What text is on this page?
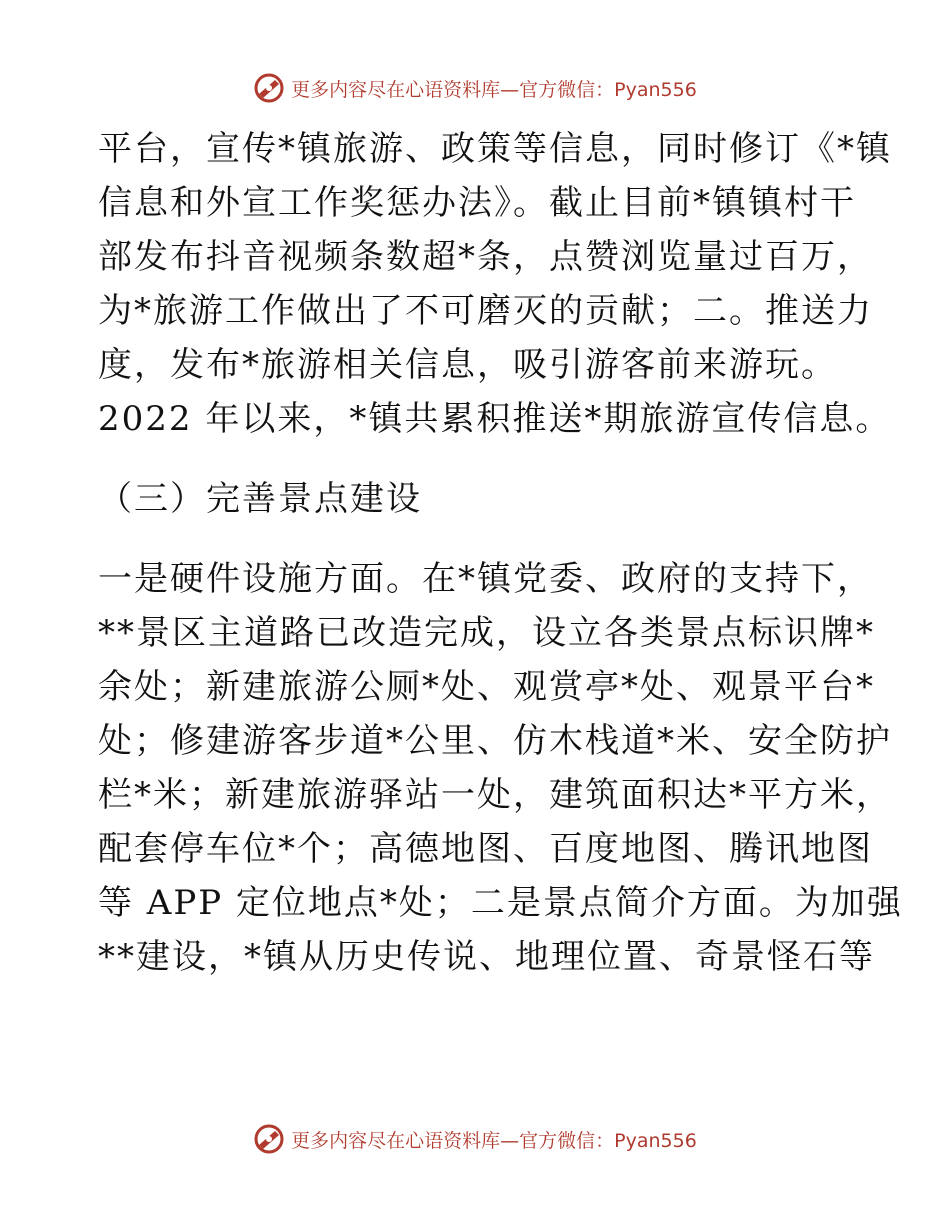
更多内容尽在心语资料库—官方微信：Pyan556
平台，宣传*镇旅游、政策等信息，同时修订《*镇
信息和外宣工作奖惩办法》。截止目前*镇镇村干
部发布抖音视频条数超*条，点赞浏览量过百万，
为*旅游工作做出了不可磨灭的贡献；二。推送力
度，发布*旅游相关信息，吸引游客前来游玩。
2022 年以来，*镇共累积推送*期旅游宣传信息。
（三）完善景点建设
一是硬件设施方面。在*镇党委、政府的支持下，
**景区主道路已改造完成，设立各类景点标识牌*
余处；新建旅游公厕*处、观赏亭*处、观景平台*
处；修建游客步道*公里、仿木栈道*米、安全防护
栏*米；新建旅游驿站一处，建筑面积达*平方米，
配套停车位*个；高德地图、百度地图、腾讯地图
等 APP 定位地点*处；二是景点简介方面。为加强
**建设，*镇从历史传说、地理位置、奇景怪石等
更多内容尽在心语资料库—官方微信：Pyan556
